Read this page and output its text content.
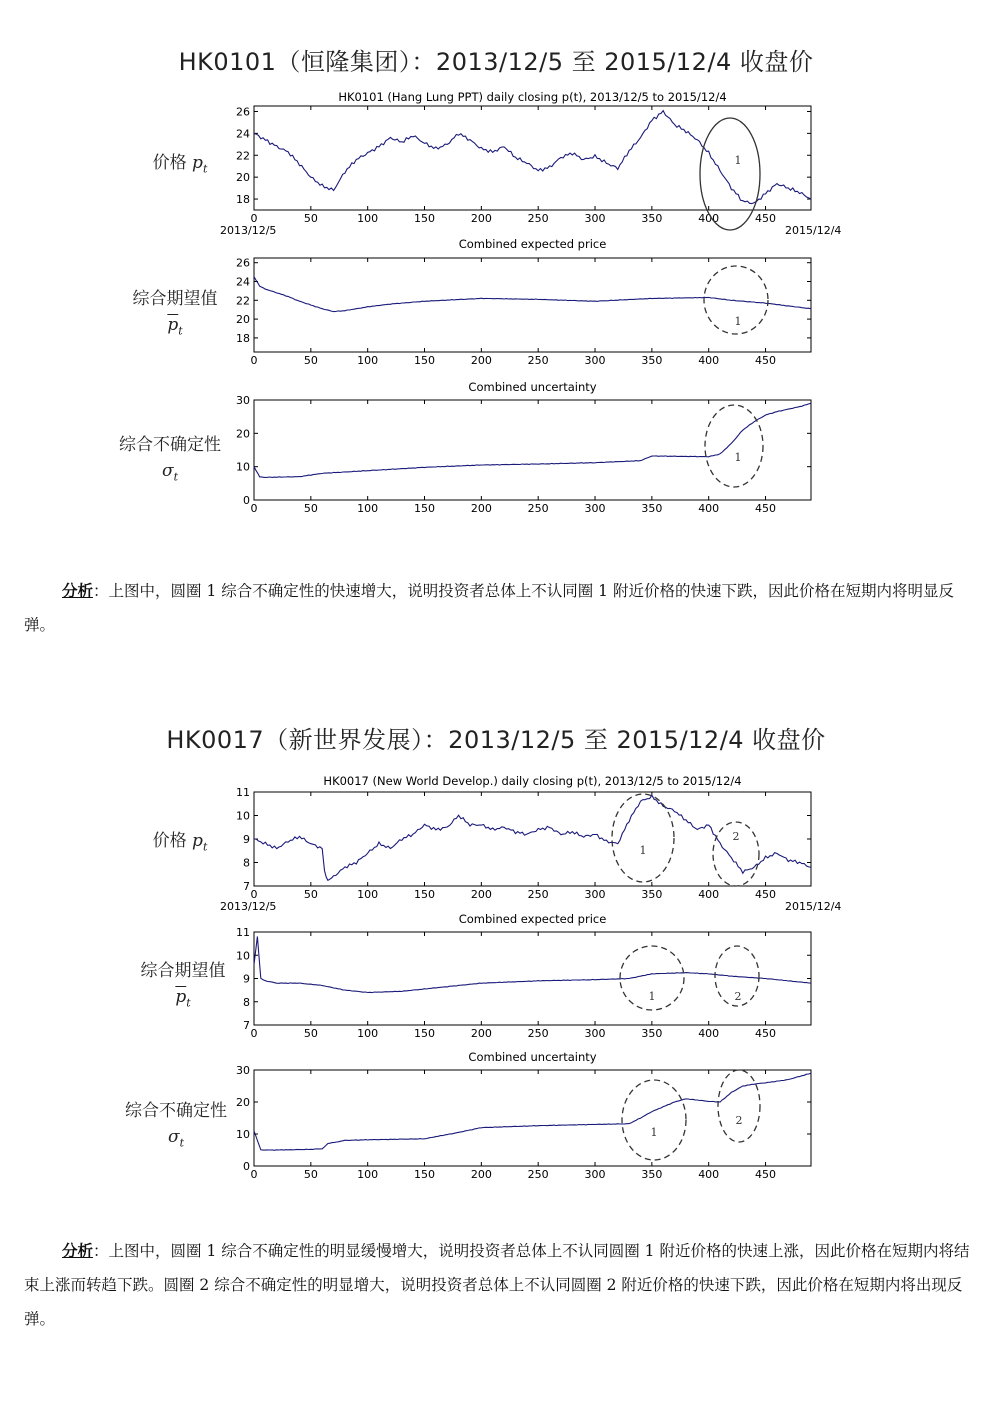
HK0101（恒隆集团）：2013/12/5 至 2015/12/4 收盘价
价格 $p_t$
综合期望值
$\overline{p}_t$
综合不确定性
$\sigma_t$
HK0101 (Hang Lung PPT) daily closing p(t), 2013/12/5 to 2015/12/4
0	50	100	150	200	250	300	350	400	450
18
20
22
24
26
2013/12/5	2015/12/4
1
Combined expected price
0	50	100	150	200	250	300	350	400	450
18
20
22
24
26
1
Combined uncertainty
0	50	100	150	200	250	300	350	400	450
0
10
20
30
1
分析：上图中，圆圈 1 综合不确定性的快速增大，说明投资者总体上不认同圈 1 附近价格的快速下跌，因此价格在短期内将明显反弹。
HK0017（新世界发展）：2013/12/5 至 2015/12/4 收盘价
价格 $p_t$
综合期望值
$\overline{p}_t$
综合不确定性
$\sigma_t$
HK0017 (New World Develop.) daily closing p(t), 2013/12/5 to 2015/12/4
0	50	100	150	200	250	300	350	400	450
7
8
9
10
11
2013/12/5	2015/12/4
1
2
Combined expected price
0	50	100	150	200	250	300	350	400	450
7
8
9
10
11
1	2
Combined uncertainty
0	50	100	150	200	250	300	350	400	450
0
10
20
30
1
2
分析：上图中，圆圈 1 综合不确定性的明显缓慢增大，说明投资者总体上不认同圆圈 1 附近价格的快速上涨，因此价格在短期内将结束上涨而转趋下跌。圆圈 2 综合不确定性的明显增大，说明投资者总体上不认同圆圈 2 附近价格的快速下跌，因此价格在短期内将出现反弹。
